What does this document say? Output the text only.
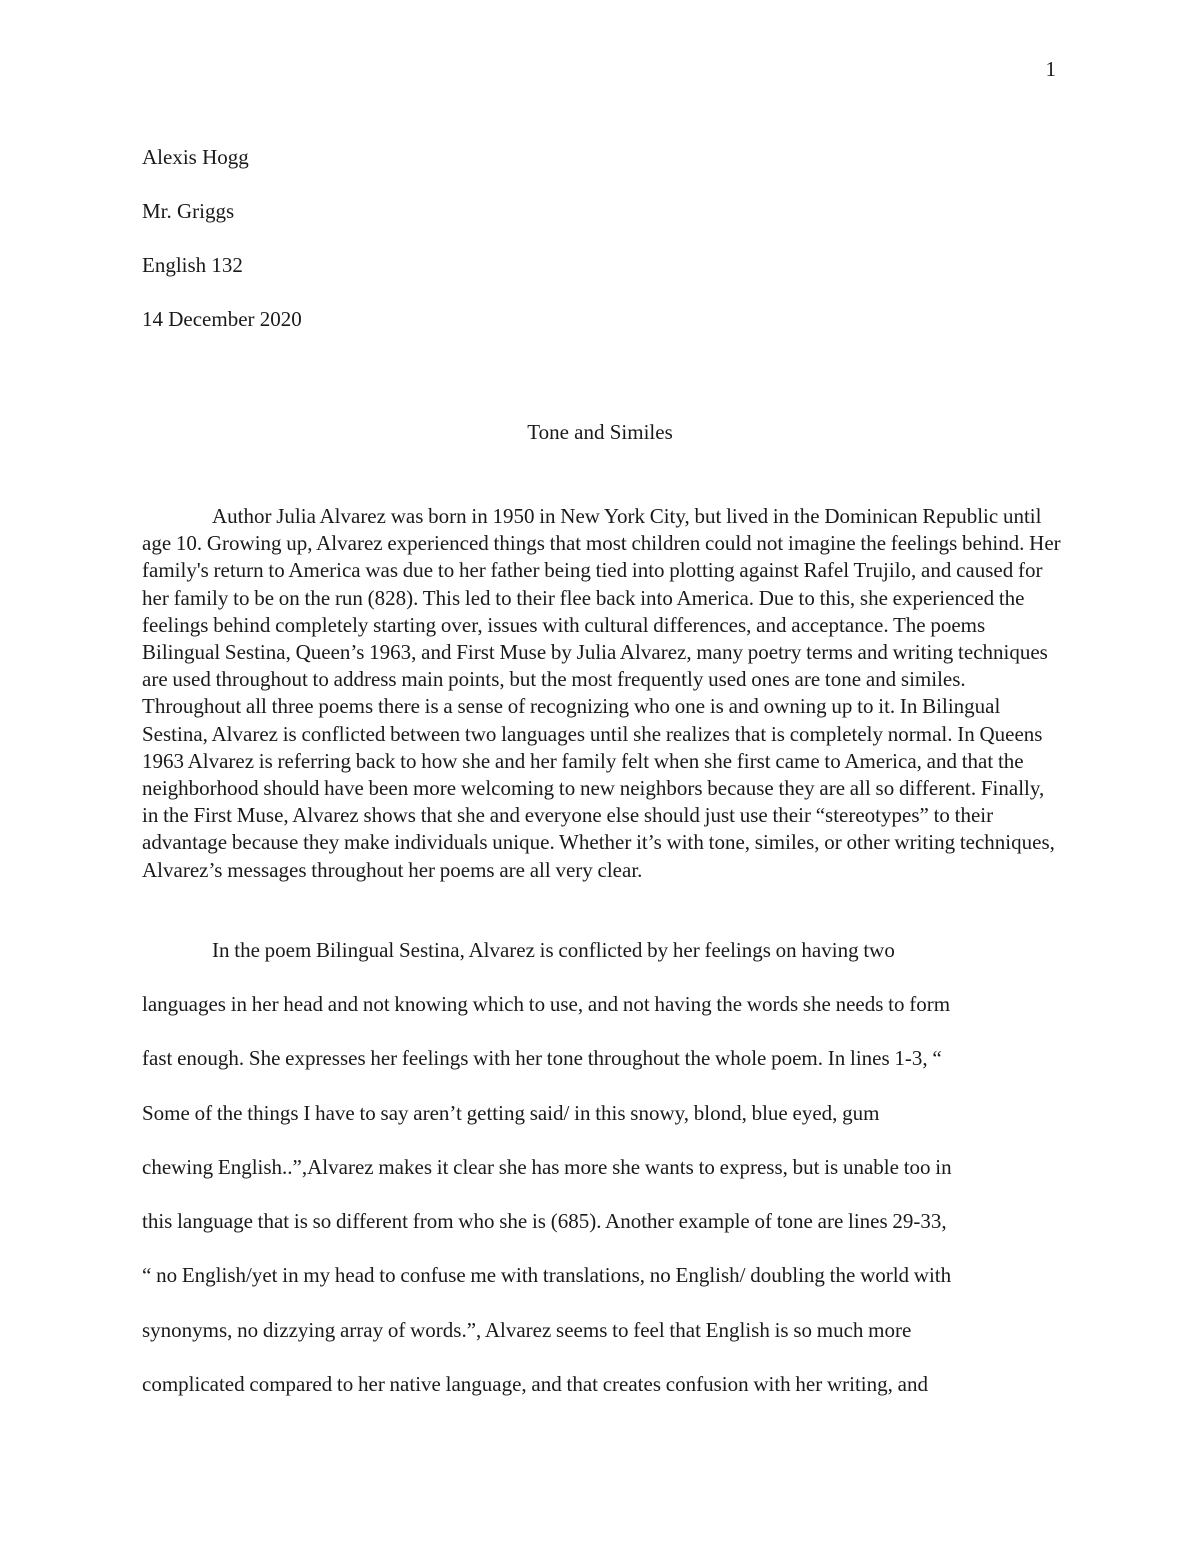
1
Alexis Hogg
Mr. Griggs
English 132
14 December 2020
Tone and Similes

Author Julia Alvarez was born in 1950 in New York City, but lived in the Dominican Republic until age 10. Growing up, Alvarez experienced things that most children could not imagine the feelings behind. Her family's return to America was due to her father being tied into plotting against Rafel Trujilo, and caused for her family to be on the run (828). This led to their flee back into America. Due to this, she experienced the feelings behind completely starting over, issues with cultural differences, and acceptance. The poems Bilingual Sestina, Queen’s 1963, and First Muse by Julia Alvarez, many poetry terms and writing techniques are used throughout to address main points, but the most frequently used ones are tone and similes. Throughout all three poems there is a sense of recognizing who one is and owning up to it. In Bilingual Sestina, Alvarez is conflicted between two languages until she realizes that is completely normal. In Queens 1963 Alvarez is referring back to how she and her family felt when she first came to America, and that the neighborhood should have been more welcoming to new neighbors because they are all so different. Finally, in the First Muse, Alvarez shows that she and everyone else should just use their “stereotypes” to their advantage because they make individuals unique. Whether it’s with tone, similes, or other writing techniques, Alvarez’s messages throughout her poems are all very clear.

In the poem Bilingual Sestina, Alvarez is conflicted by her feelings on having two

languages in her head and not knowing which to use, and not having the words she needs to form
fast enough. She expresses her feelings with her tone throughout the whole poem. In lines 1-3, “
Some of the things I have to say aren’t getting said/ in this snowy, blond, blue eyed, gum
chewing English..”,Alvarez makes it clear she has more she wants to express, but is unable too in
this language that is so different from who she is (685). Another example of tone are lines 29-33,
“ no English/yet in my head to confuse me with translations, no English/ doubling the world with
synonyms, no dizzying array of words.”, Alvarez seems to feel that English is so much more
complicated compared to her native language, and that creates confusion with her writing, and
